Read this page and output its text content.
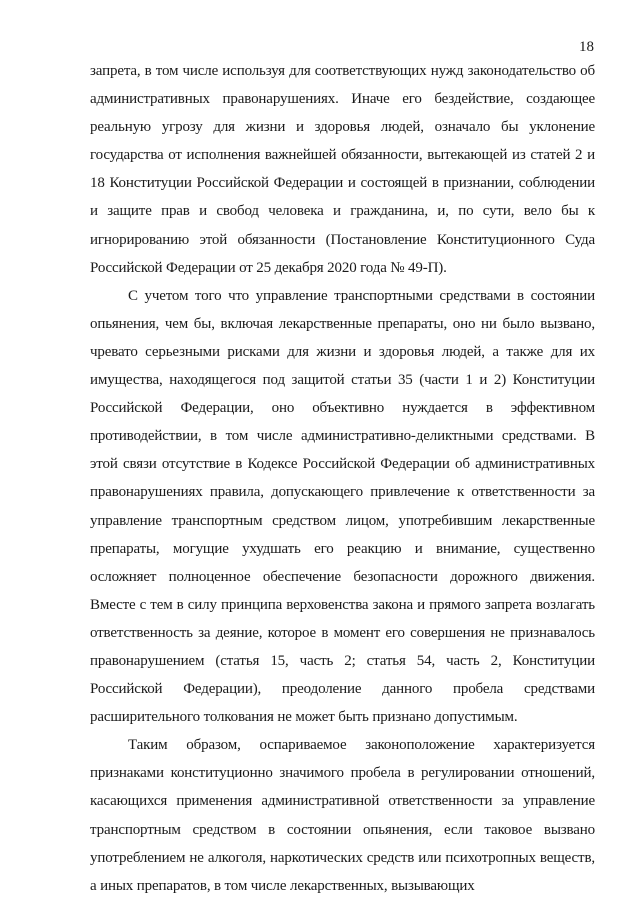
18

запрета, в том числе используя для соответствующих нужд законодательство об административных правонарушениях. Иначе его бездействие, создающее реальную угрозу для жизни и здоровья людей, означало бы уклонение государства от исполнения важнейшей обязанности, вытекающей из статей 2 и 18 Конституции Российской Федерации и состоящей в признании, соблюдении и защите прав и свобод человека и гражданина, и, по сути, вело бы к игнорированию этой обязанности (Постановление Конституционного Суда Российской Федерации от 25 декабря 2020 года № 49-П).

С учетом того что управление транспортными средствами в состоянии опьянения, чем бы, включая лекарственные препараты, оно ни было вызвано, чревато серьезными рисками для жизни и здоровья людей, а также для их имущества, находящегося под защитой статьи 35 (части 1 и 2) Конституции Российской Федерации, оно объективно нуждается в эффективном противодействии, в том числе административно-деликтными средствами. В этой связи отсутствие в Кодексе Российской Федерации об административных правонарушениях правила, допускающего привлечение к ответственности за управление транспортным средством лицом, употребившим лекарственные препараты, могущие ухудшать его реакцию и внимание, существенно осложняет полноценное обеспечение безопасности дорожного движения. Вместе с тем в силу принципа верховенства закона и прямого запрета возлагать ответственность за деяние, которое в момент его совершения не признавалось правонарушением (статья 15, часть 2; статья 54, часть 2, Конституции Российской Федерации), преодоление данного пробела средствами расширительного толкования не может быть признано допустимым.

Таким образом, оспариваемое законоположение характеризуется признаками конституционно значимого пробела в регулировании отношений, касающихся применения административной ответственности за управление транспортным средством в состоянии опьянения, если таковое вызвано употреблением не алкоголя, наркотических средств или психотропных веществ, а иных препаратов, в том числе лекарственных, вызывающих
